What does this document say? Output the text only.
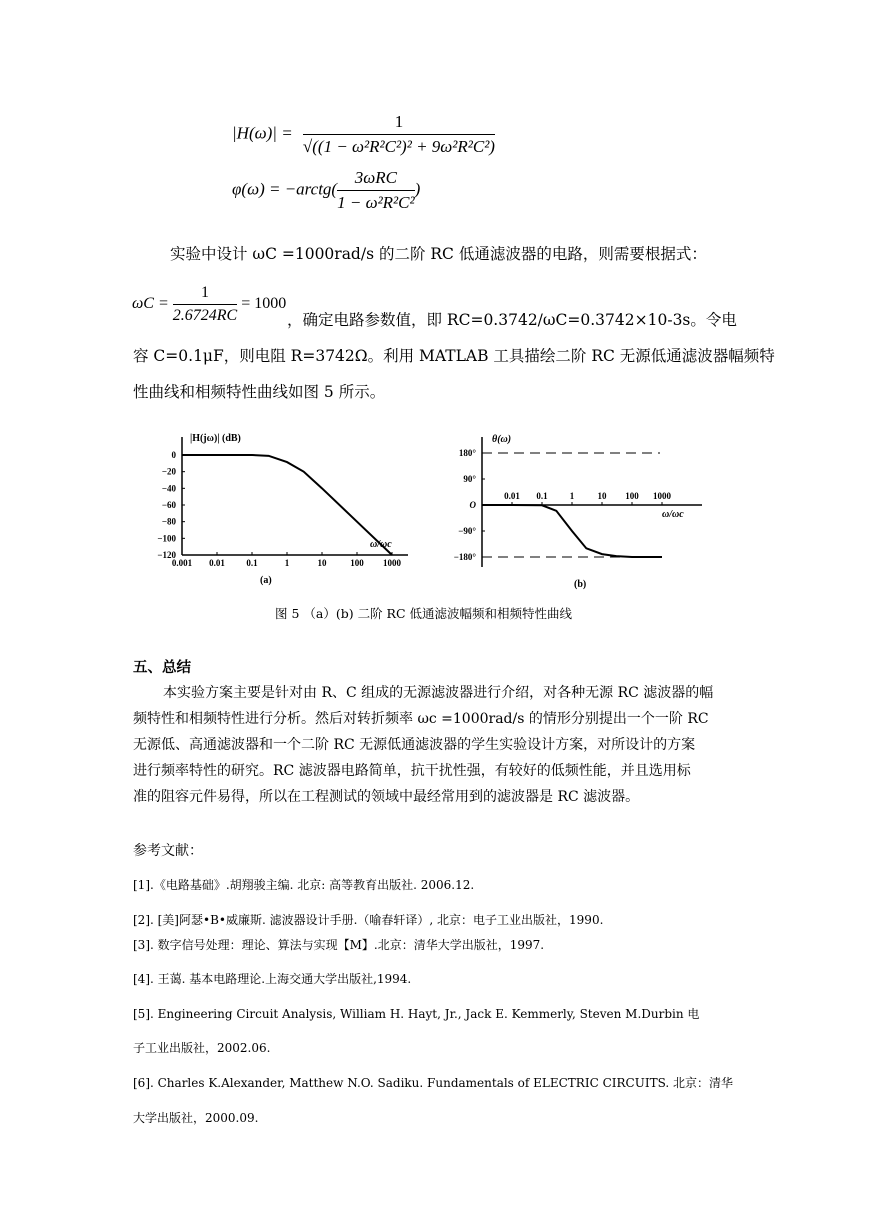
$|H(\omega)| = \frac{1}{\text{√((1 − ω²R²C²)² + 9ω²R²C²)}}$
φ(ω) = −arctg( $\frac{\text{3ωRC}}{\text{1 − ω²R²C²}}$ )
实验中设计 ωC =1000rad/s 的二阶 RC 低通滤波器的电路，则需要根据式：
$\omega C = \frac{1}{2.6724RC} = 1000$
，确定电路参数值，即 RC=0.3742/ωC=0.3742×10-3s。令电
容 C=0.1μF，则电阻 R=3742Ω。利用 MATLAB 工具描绘二阶 RC 无源低通滤波器幅频特
性曲线和相频特性曲线如图 5 所示。
0.001 0.01 0.1	1	10	100 1000
0
−20
−40
−60
−80
−100
−120
|H(jω)| (dB)
ω/ωc
(a)
0.01 0.1 1	10 100 1000
180°
90°
O
−90°
−180°
θ(ω)
ω/ωc
(b)
图 5 （a）(b) 二阶 RC 低通滤波幅频和相频特性曲线
五、总结
本实验方案主要是针对由 R、C 组成的无源滤波器进行介绍，对各种无源 RC 滤波器的幅
频特性和相频特性进行分析。然后对转折频率 ωc =1000rad/s 的情形分别提出一个一阶 RC
无源低、高通滤波器和一个二阶 RC 无源低通滤波器的学生实验设计方案，对所设计的方案
进行频率特性的研究。RC 滤波器电路简单，抗干扰性强，有较好的低频性能，并且选用标
准的阻容元件易得，所以在工程测试的领域中最经常用到的滤波器是 RC 滤波器。
参考文献：
[1].《电路基础》.胡翔骏主编. 北京: 高等教育出版社. 2006.12.
[2]. [美]阿瑟•B•威廉斯. 滤波器设计手册.（喻春轩译）, 北京：电子工业出版社，1990.
[3]. 数字信号处理：理论、算法与实现【M】.北京：清华大学出版社，1997.
[4]. 王蔼. 基本电路理论.上海交通大学出版社,1994.
[5]. Engineering Circuit Analysis, William H. Hayt, Jr., Jack E. Kemmerly, Steven M.Durbin 电
子工业出版社，2002.06.
[6]. Charles K.Alexander, Matthew N.O. Sadiku. Fundamentals of ELECTRIC CIRCUITS. 北京：清华
大学出版社，2000.09.
